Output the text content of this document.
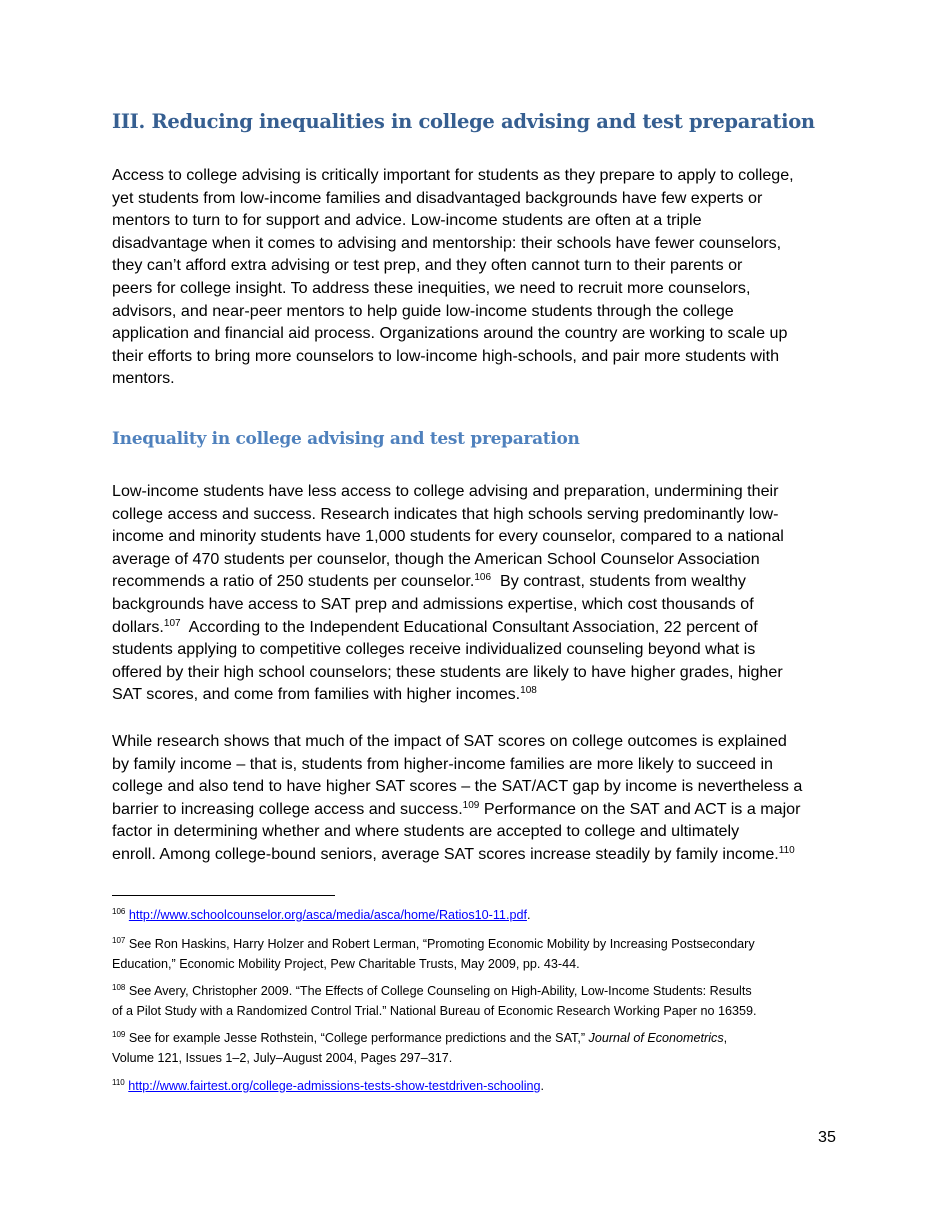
III. Reducing inequalities in college advising and test preparation
Access to college advising is critically important for students as they prepare to apply to college,
yet students from low-income families and disadvantaged backgrounds have few experts or
mentors to turn to for support and advice. Low-income students are often at a triple
disadvantage when it comes to advising and mentorship: their schools have fewer counselors,
they can’t afford extra advising or test prep, and they often cannot turn to their parents or
peers for college insight. To address these inequities, we need to recruit more counselors,
advisors, and near-peer mentors to help guide low-income students through the college
application and financial aid process. Organizations around the country are working to scale up
their efforts to bring more counselors to low-income high-schools, and pair more students with
mentors.
Inequality in college advising and test preparation
Low-income students have less access to college advising and preparation, undermining their
college access and success. Research indicates that high schools serving predominantly low-
income and minority students have 1,000 students for every counselor, compared to a national
average of 470 students per counselor, though the American School Counselor Association
recommends a ratio of 250 students per counselor.$^{106}$  By contrast, students from wealthy
backgrounds have access to SAT prep and admissions expertise, which cost thousands of
dollars.$^{107}$  According to the Independent Educational Consultant Association, 22 percent of
students applying to competitive colleges receive individualized counseling beyond what is
offered by their high school counselors; these students are likely to have higher grades, higher
SAT scores, and come from families with higher incomes.$^{108}$
While research shows that much of the impact of SAT scores on college outcomes is explained
by family income – that is, students from higher-income families are more likely to succeed in
college and also tend to have higher SAT scores – the SAT/ACT gap by income is nevertheless a
barrier to increasing college access and success.$^{109}$ Performance on the SAT and ACT is a major
factor in determining whether and where students are accepted to college and ultimately
enroll. Among college-bound seniors, average SAT scores increase steadily by family income.$^{110}$
$^{106}$ http://www.schoolcounselor.org/asca/media/asca/home/Ratios10-11.pdf.
$^{107}$ See Ron Haskins, Harry Holzer and Robert Lerman, “Promoting Economic Mobility by Increasing Postsecondary
Education,” Economic Mobility Project, Pew Charitable Trusts, May 2009, pp. 43-44.
$^{108}$ See Avery, Christopher 2009. “The Effects of College Counseling on High-Ability, Low-Income Students: Results
of a Pilot Study with a Randomized Control Trial.” National Bureau of Economic Research Working Paper no 16359.
$^{109}$ See for example Jesse Rothstein, “College performance predictions and the SAT,” Journal of Econometrics,
Volume 121, Issues 1–2, July–August 2004, Pages 297–317.
$^{110}$ http://www.fairtest.org/college-admissions-tests-show-testdriven-schooling.
35
